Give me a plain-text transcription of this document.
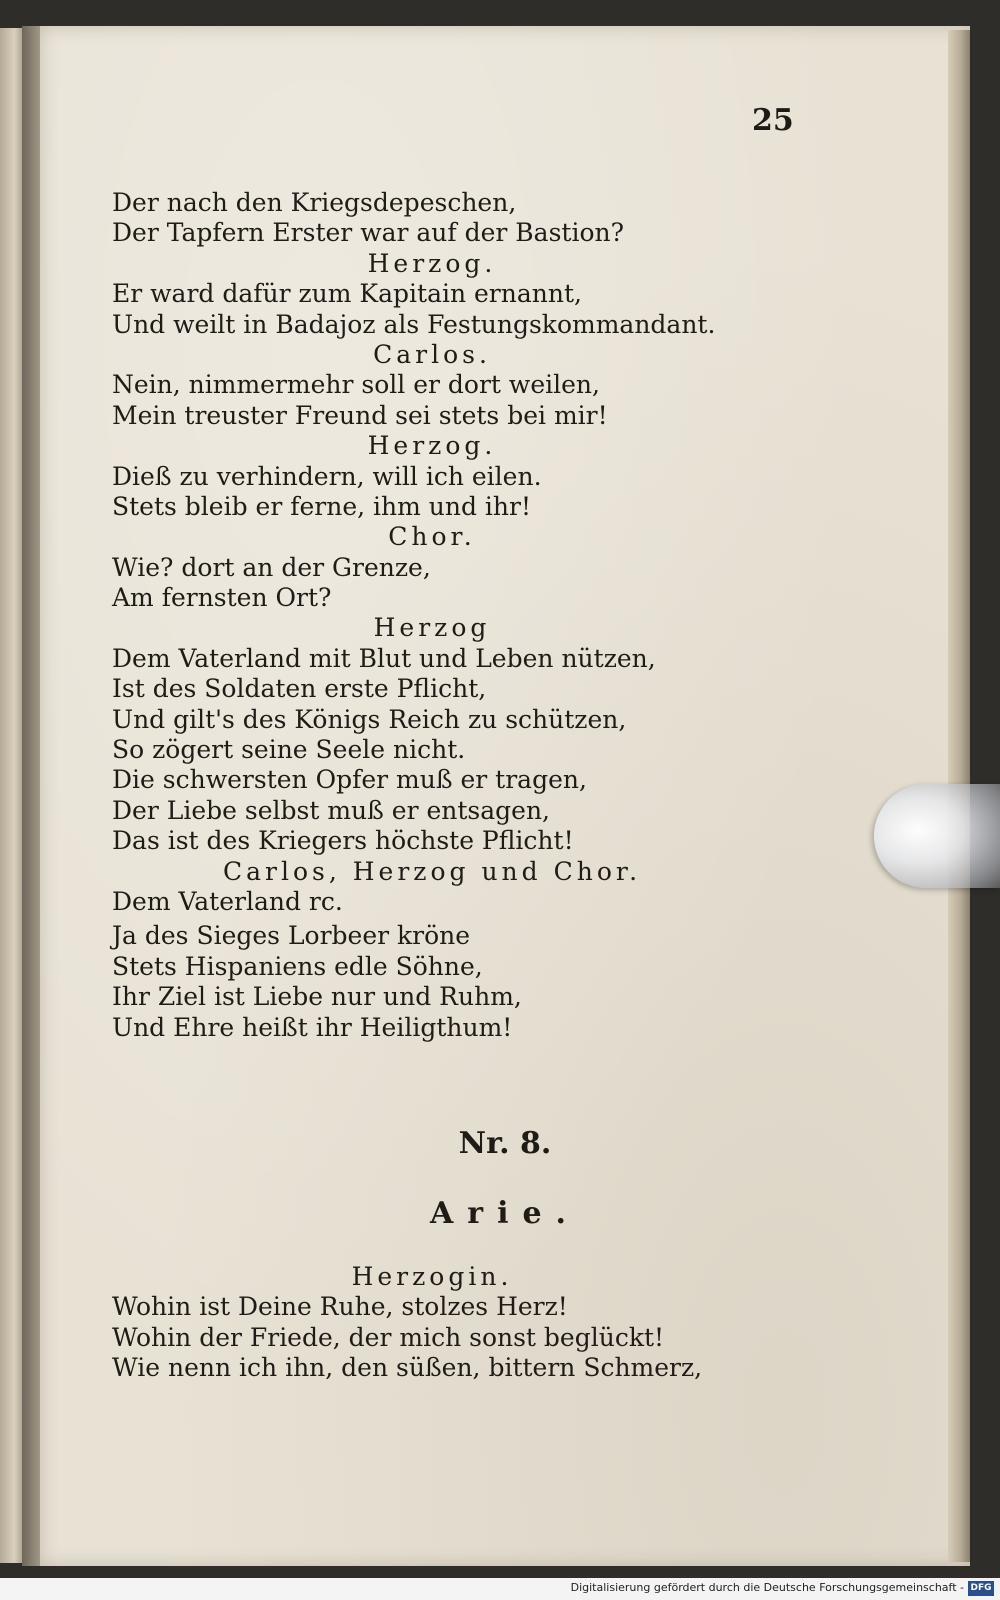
25
Der nach den Kriegsdepeschen,
Der Tapfern Erster war auf der Bastion?
Herzog.
Er ward dafür zum Kapitain ernannt,
Und weilt in Badajoz als Festungskommandant.
Carlos.
Nein, nimmermehr soll er dort weilen,
Mein treuster Freund sei stets bei mir!
Herzog.
Dieß zu verhindern, will ich eilen.
Stets bleib er ferne, ihm und ihr!
Chor.
Wie? dort an der Grenze,
Am fernsten Ort?
Herzog
Dem Vaterland mit Blut und Leben nützen,
Ist des Soldaten erste Pflicht,
Und gilt's des Königs Reich zu schützen,
So zögert seine Seele nicht.
Die schwersten Opfer muß er tragen,
Der Liebe selbst muß er entsagen,
Das ist des Kriegers höchste Pflicht!
Carlos, Herzog und Chor.
Dem Vaterland rc.
Ja des Sieges Lorbeer kröne
Stets Hispaniens edle Söhne,
Ihr Ziel ist Liebe nur und Ruhm,
Und Ehre heißt ihr Heiligthum!
Nr. 8.
Arie.
Herzogin.
Wohin ist Deine Ruhe, stolzes Herz!
Wohin der Friede, der mich sonst beglückt!
Wie nenn ich ihn, den süßen, bittern Schmerz,
Digitalisierung gefördert durch die Deutsche Forschungsgemeinschaft - DFG
